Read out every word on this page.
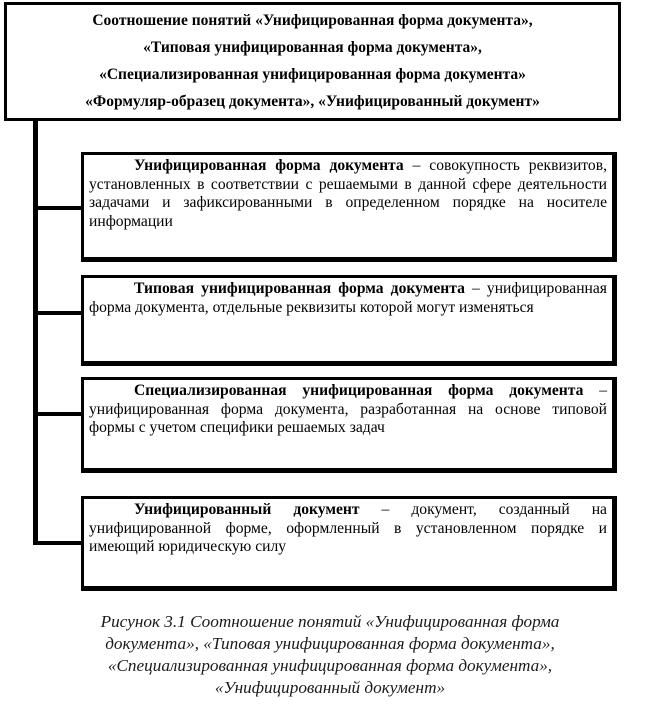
Соотношение понятий «Унифицированная форма документа»,
«Типовая унифицированная форма документа»,
«Специализированная унифицированная форма документа»
«Формуляр-образец документа», «Унифицированный документ»

Унифицированная форма документа – совокупность реквизитов, установленных в соответствии с решаемыми в данной сфере деятельности задачами и зафиксированными в определенном порядке на носителе информации

Типовая унифицированная форма документа – унифицированная форма документа, отдельные реквизиты которой могут изменяться

Специализированная унифицированная форма документа – унифицированная форма документа, разработанная на основе типовой формы с учетом специфики решаемых задач

Унифицированный документ – документ, созданный на унифицированной форме, оформленный в установленном порядке и имеющий юридическую силу

Рисунок 3.1 Соотношение понятий «Унифицированная форма
документа», «Типовая унифицированная форма документа»,
«Специализированная унифицированная форма документа»,
«Унифицированный документ»
